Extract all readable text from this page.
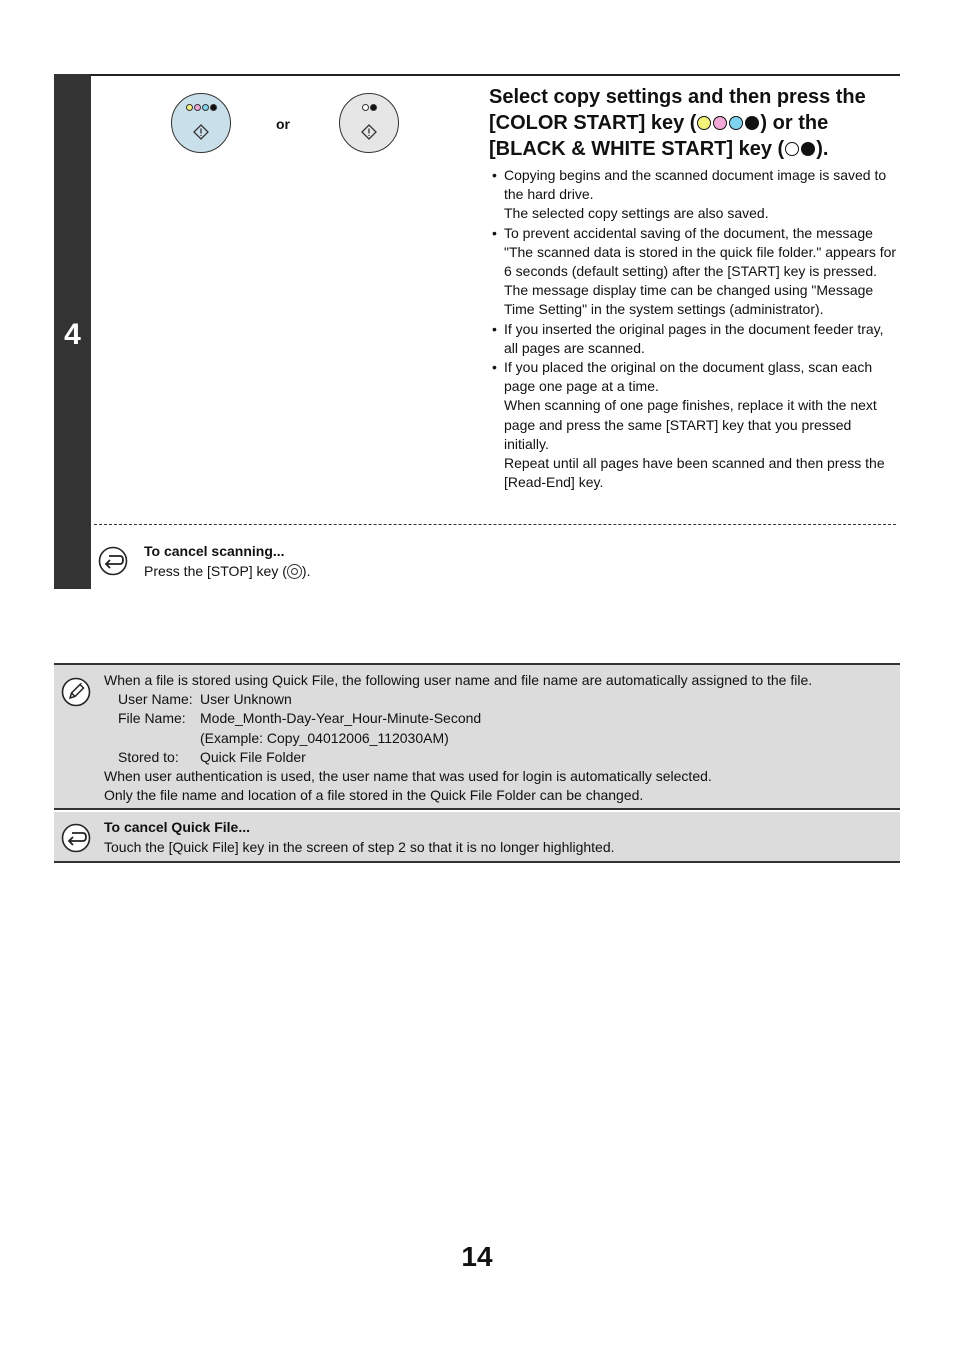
4
or
Select copy settings and then press the [COLOR START] key (	) or the [BLACK & WHITE START] key ( ).
• Copying begins and the scanned document image is saved to the hard drive.
The selected copy settings are also saved.
• To prevent accidental saving of the document, the message "The scanned data is stored in the quick file folder." appears for 6 seconds (default setting) after the [START] key is pressed.
The message display time can be changed using "Message Time Setting" in the system settings (administrator).
• If you inserted the original pages in the document feeder tray, all pages are scanned.
• If you placed the original on the document glass, scan each page one page at a time.
When scanning of one page finishes, replace it with the next page and press the same [START] key that you pressed initially.
Repeat until all pages have been scanned and then press the [Read-End] key.
To cancel scanning...
Press the [STOP] key ( ).
When a file is stored using Quick File, the following user name and file name are automatically assigned to the file.
User Name: User Unknown
File Name:	Mode_Month-Day-Year_Hour-Minute-Second
(Example: Copy_04012006_112030AM)
Stored to:	Quick File Folder
When user authentication is used, the user name that was used for login is automatically selected.
Only the file name and location of a file stored in the Quick File Folder can be changed.
To cancel Quick File...
Touch the [Quick File] key in the screen of step 2 so that it is no longer highlighted.
14
